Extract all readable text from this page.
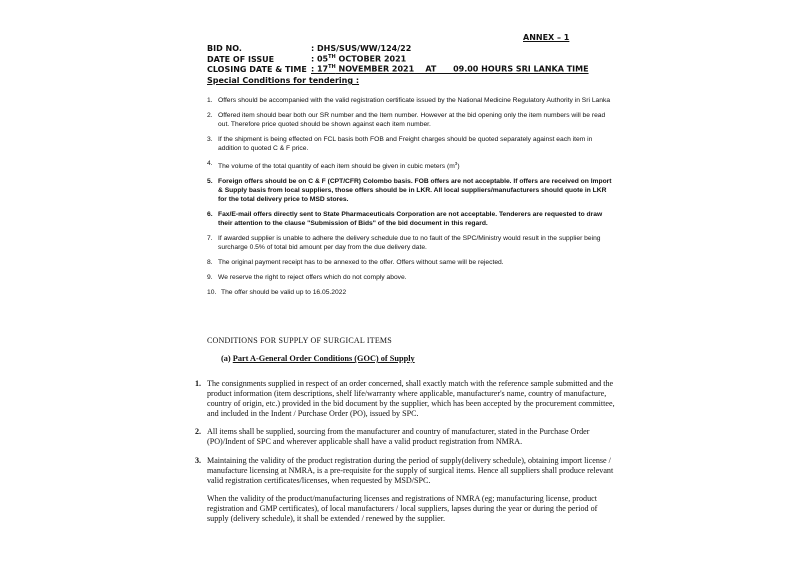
ANNEX – 1
BID NO.	: DHS/SUS/WW/124/22
DATE OF ISSUE	: 05TH OCTOBER 2021
CLOSING DATE & TIME : 17TH NOVEMBER 2021    AT      09.00 HOURS SRI LANKA TIME
Special Conditions for tendering :
1. Offers should be accompanied with the valid registration certificate issued by the National Medicine Regulatory Authority in Sri Lanka
2. Offered item should bear both our SR number and the Item number. However at the bid opening only the item numbers will be read out. Therefore price quoted should be shown against each item number.
3. If the shipment is being effected on FCL basis both FOB and Freight charges should be quoted separately against each item in addition to quoted C & F price.
4. The volume of the total quantity of each item should be given in cubic meters $(m^3)$
5. Foreign offers should be on C & F (CPT/CFR) Colombo basis. FOB offers are not acceptable. If offers are received on Import & Supply basis from local suppliers, those offers should be in LKR. All local suppliers/manufacturers should quote in LKR for the total delivery price to MSD stores.
6. Fax/E-mail offers directly sent to State Pharmaceuticals Corporation are not acceptable. Tenderers are requested to draw their attention to the clause "Submission of Bids" of the bid document in this regard.
7. If awarded supplier is unable to adhere the delivery schedule due to no fault of the SPC/Ministry would result in the supplier being surcharge 0.5% of total bid amount per day from the due delivery date.
8. The original payment receipt has to be annexed to the offer. Offers without same will be rejected.
9. We reserve the right to reject offers which do not comply above.
10. The offer should be valid up to 16.05.2022
CONDITIONS FOR SUPPLY OF SURGICAL ITEMS
(a) Part A-General Order Conditions (GOC) of Supply
1. The consignments supplied in respect of an order concerned, shall exactly match with the reference sample submitted and the product information (item descriptions, shelf life/warranty where applicable, manufacturer's name, country of manufacture, country of origin, etc.) provided in the bid document by the supplier, which has been accepted by the procurement committee, and included in the Indent / Purchase Order (PO), issued by SPC.

2. All items shall be supplied, sourcing from the manufacturer and country of manufacturer, stated in the Purchase Order (PO)/Indent of SPC and wherever applicable shall have a valid product registration from NMRA.

3. Maintaining the validity of the product registration during the period of supply(delivery schedule), obtaining import license / manufacture licensing at NMRA, is a pre-requisite for the supply of surgical items. Hence all suppliers shall produce relevant valid registration certificates/licenses, when requested by MSD/SPC.

When the validity of the product/manufacturing licenses and registrations of NMRA (eg; manufacturing license, product registration and GMP certificates), of local manufacturers / local suppliers, lapses during the year or during the period of supply (delivery schedule), it shall be extended / renewed by the supplier.
